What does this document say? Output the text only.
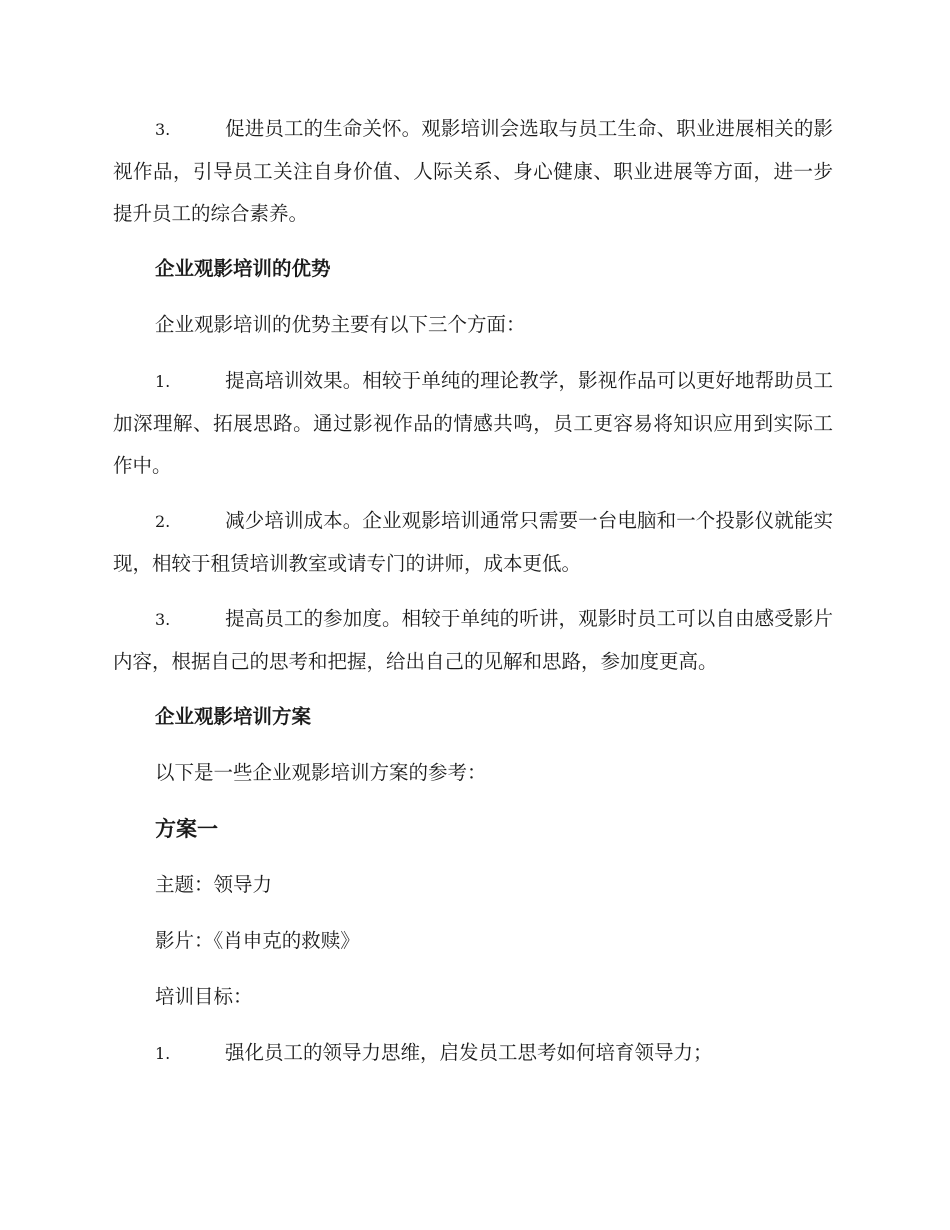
3.	促进员工的生命关怀。观影培训会选取与员工生命、职业进展相关的影视作品，引导员工关注自身价值、人际关系、身心健康、职业进展等方面，进一步提升员工的综合素养。

企业观影培训的优势

企业观影培训的优势主要有以下三个方面：

1.	提高培训效果。相较于单纯的理论教学，影视作品可以更好地帮助员工加深理解、拓展思路。通过影视作品的情感共鸣，员工更容易将知识应用到实际工作中。

2.	减少培训成本。企业观影培训通常只需要一台电脑和一个投影仪就能实现，相较于租赁培训教室或请专门的讲师，成本更低。

3.	提高员工的参加度。相较于单纯的听讲，观影时员工可以自由感受影片内容，根据自己的思考和把握，给出自己的见解和思路，参加度更高。

企业观影培训方案

以下是一些企业观影培训方案的参考：

方案一

主题：领导力

影片：《肖申克的救赎》

培训目标：

1.	强化员工的领导力思维，启发员工思考如何培育领导力；
